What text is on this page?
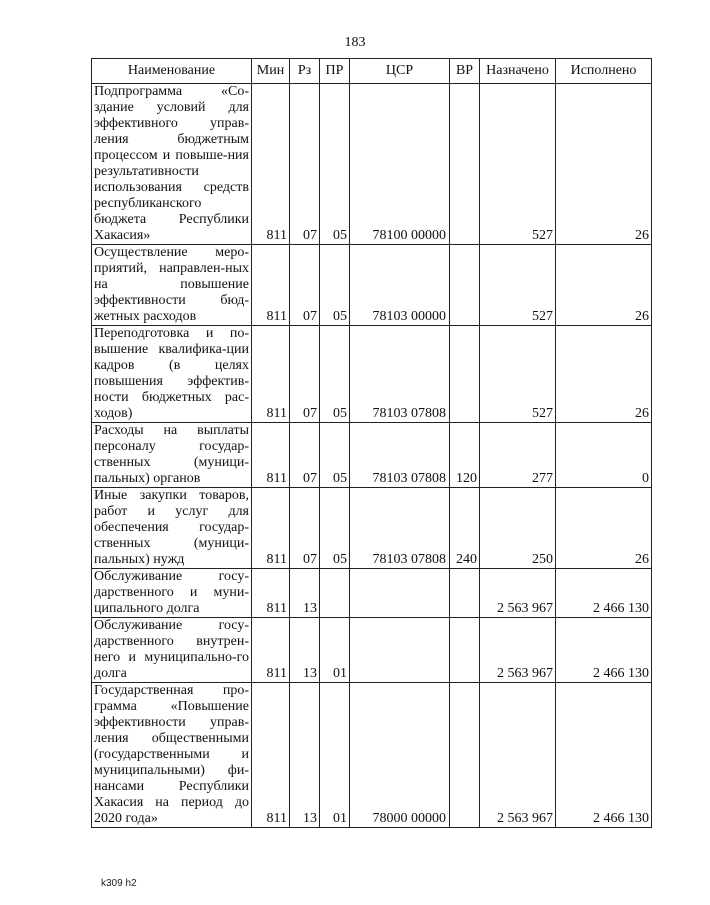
183
Наименование	Мин	Рз	ПР	ЦСР	ВР	Назначено	Исполнено
Подпрограмма «Со-здание условий для эффективного управ-ления бюджетным процессом и повыше-ния результативности использования средств республиканского бюджета Республики Хакасия»	811	07	05	78100 00000		527	26
Осуществление меро-приятий, направлен-ных на повышение эффективности бюд-жетных расходов	811	07	05	78103 00000		527	26
Переподготовка и по-вышение квалифика-ции кадров (в целях повышения эффектив-ности бюджетных рас-ходов)	811	07	05	78103 07808		527	26
Расходы на выплаты персоналу государ-ственных (муници-пальных) органов	811	07	05	78103 07808	120	277	0
Иные закупки товаров, работ и услуг для обеспечения государ-ственных (муници-пальных) нужд	811	07	05	78103 07808	240	250	26
Обслуживание госу-дарственного и муни-ципального долга	811	13				2 563 967	2 466 130
Обслуживание госу-дарственного внутрен-него и муниципально-го долга	811	13	01			2 563 967	2 466 130
Государственная про-грамма «Повышение эффективности управ-ления общественными (государственными и муниципальными) фи-нансами Республики Хакасия на период до 2020 года»	811	13	01	78000 00000		2 563 967	2 466 130
k309 h2
